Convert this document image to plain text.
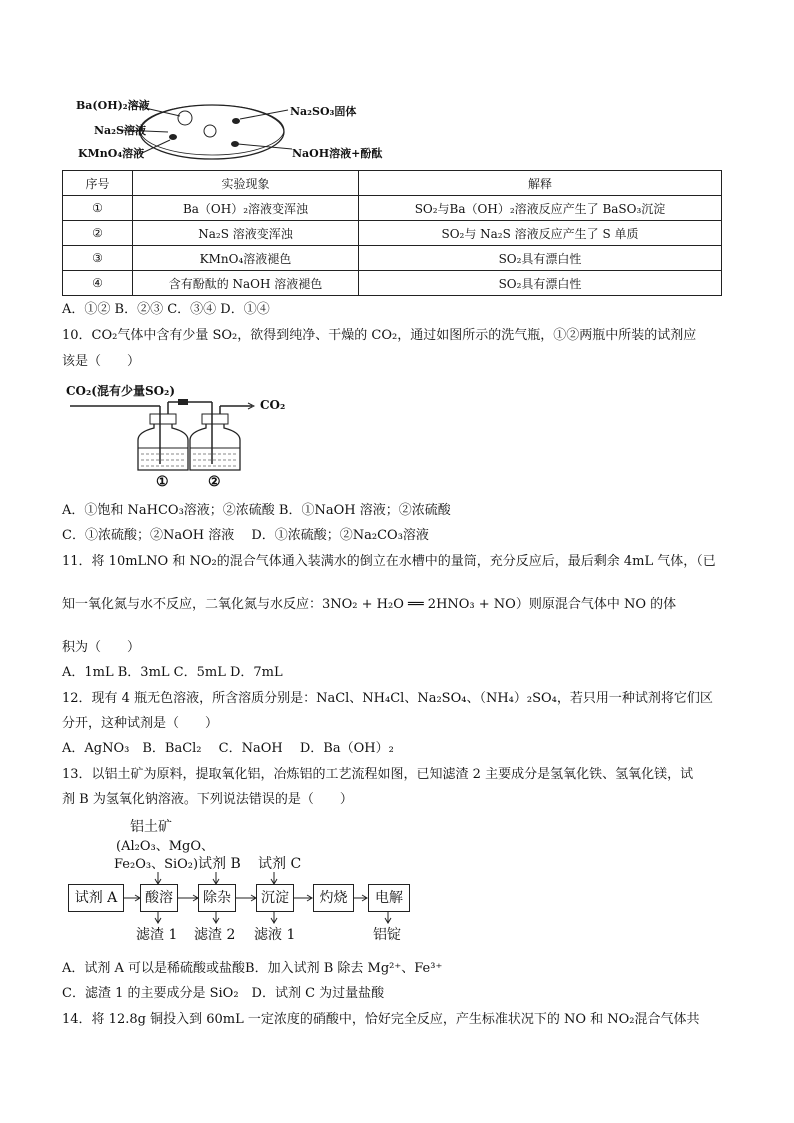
Ba(OH)₂溶液
Na₂S溶液
KMnO₄溶液
Na₂SO₃固体
NaOH溶液+酚酞
序号	实验现象	解释
①	Ba（OH）₂溶液变浑浊	SO₂与Ba（OH）₂溶液反应产生了 BaSO₃沉淀
②	Na₂S 溶液变浑浊	SO₂与 Na₂S 溶液反应产生了 S 单质
③	KMnO₄溶液褪色	SO₂具有漂白性
④	含有酚酞的 NaOH 溶液褪色	SO₂具有漂白性
A．①② B．②③ C．③④ D．①④
10．CO₂气体中含有少量 SO₂，欲得到纯净、干燥的 CO₂，通过如图所示的洗气瓶，①②两瓶中所装的试剂应
该是（　　）
CO₂(混有少量SO₂)
CO₂
①	②
A．①饱和 NaHCO₃溶液；②浓硫酸 B．①NaOH 溶液；②浓硫酸
C．①浓硫酸；②NaOH 溶液　 D．①浓硫酸；②Na₂CO₃溶液
11．将 10mLNO 和 NO₂的混合气体通入装满水的倒立在水槽中的量筒，充分反应后，最后剩余 4mL 气体，（已
知一氧化氮与水不反应，二氧化氮与水反应：3NO₂ + H₂O ══ 2HNO₃ + NO）则原混合气体中 NO 的体
积为（　　）
A．1mL B．3mL C．5mL D．7mL
12．现有 4 瓶无色溶液，所含溶质分别是：NaCl、NH₄Cl、Na₂SO₄、（NH₄）₂SO₄，若只用一种试剂将它们区
分开，这种试剂是（　　）
A．AgNO₃　B．BaCl₂　 C．NaOH　 D．Ba（OH）₂
13．以铝土矿为原料，提取氧化铝，冶炼铝的工艺流程如图，已知滤渣 2 主要成分是氢氧化铁、氢氧化镁，试
剂 B 为氢氧化钠溶液。下列说法错误的是（　　）
铝土矿
(Al₂O₃、MgO、
Fe₂O₃、SiO₂) 试剂 B 试剂 C
试剂 A	酸溶	除杂	沉淀	灼烧	电解
滤渣 1 滤渣 2 滤液 1	铝锭
A．试剂 A 可以是稀硫酸或盐酸B．加入试剂 B 除去 Mg²⁺、Fe³⁺
C．滤渣 1 的主要成分是 SiO₂　D．试剂 C 为过量盐酸
14．将 12.8g 铜投入到 60mL 一定浓度的硝酸中，恰好完全反应，产生标准状况下的 NO 和 NO₂混合气体共
